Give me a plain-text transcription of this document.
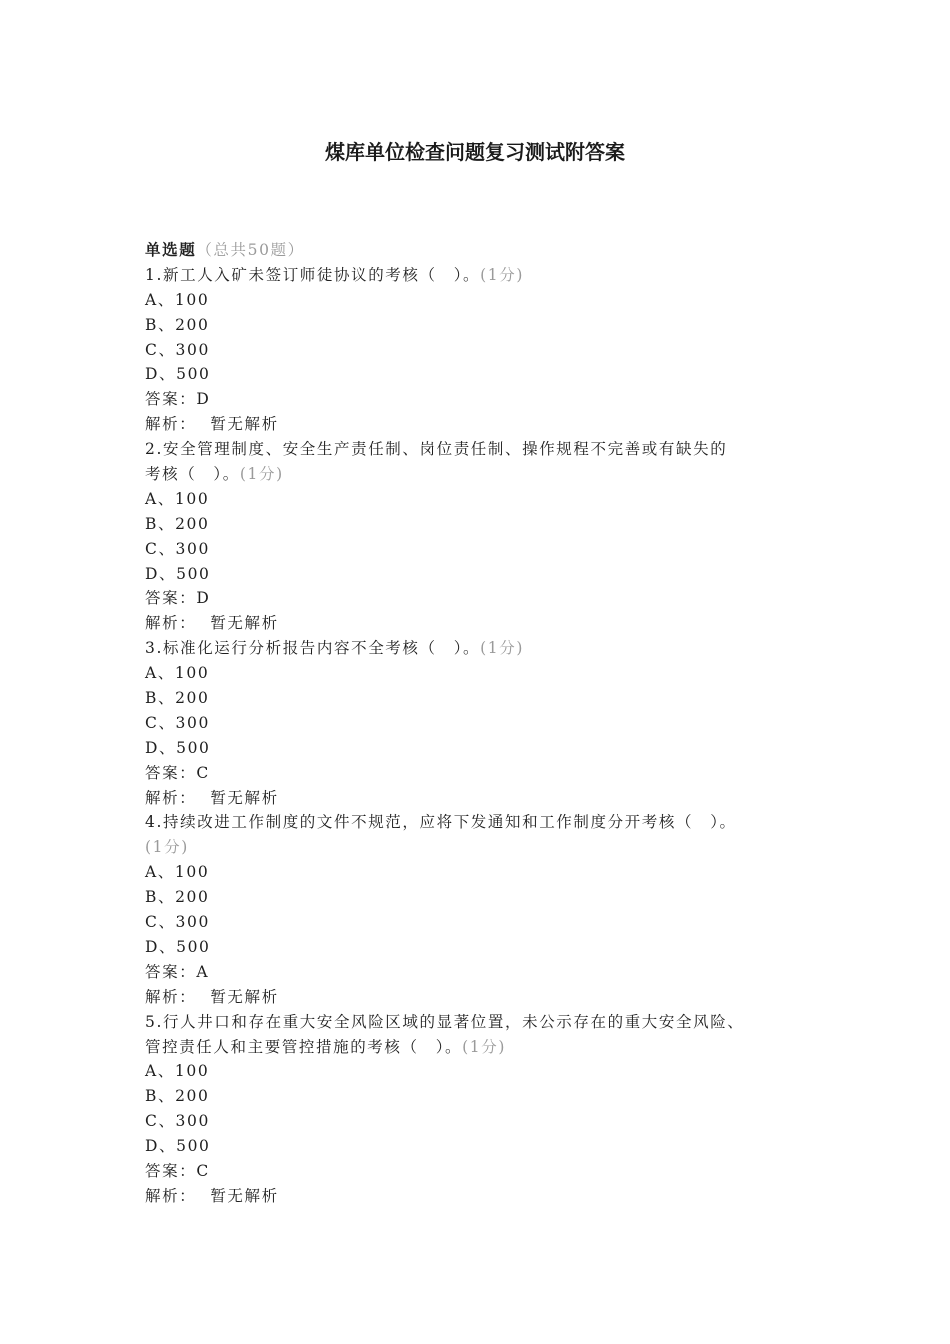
煤库单位检查问题复习测试附答案
单选题（总共50题）
1.新工人入矿未签订师徒协议的考核（　）。(1分)
A、100
B、200
C、300
D、500
答案：D
解析： 暂无解析
2.安全管理制度、安全生产责任制、岗位责任制、操作规程不完善或有缺失的
考核（　）。(1分)
A、100
B、200
C、300
D、500
答案：D
解析： 暂无解析
3.标准化运行分析报告内容不全考核（　）。(1分)
A、100
B、200
C、300
D、500
答案：C
解析： 暂无解析
4.持续改进工作制度的文件不规范，应将下发通知和工作制度分开考核（　）。
(1分)
A、100
B、200
C、300
D、500
答案：A
解析： 暂无解析
5.行人井口和存在重大安全风险区域的显著位置，未公示存在的重大安全风险、
管控责任人和主要管控措施的考核（　）。(1分)
A、100
B、200
C、300
D、500
答案：C
解析： 暂无解析
